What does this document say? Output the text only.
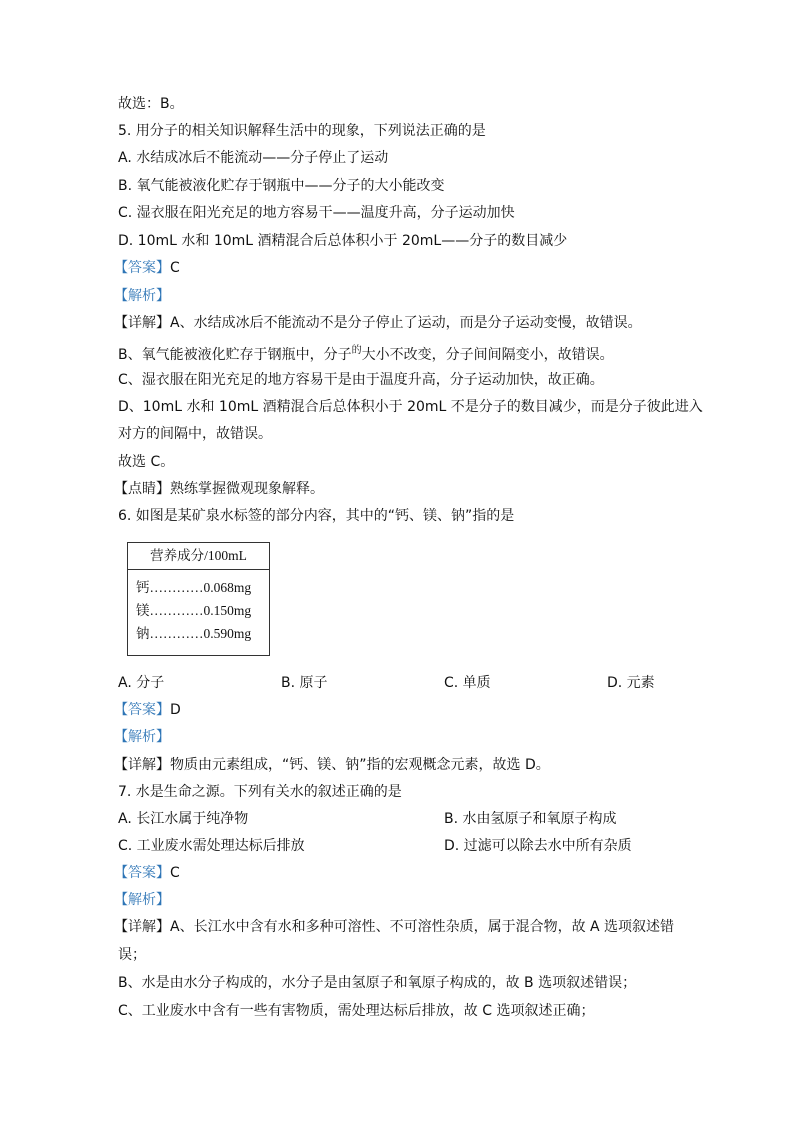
故选：B。
5. 用分子的相关知识解释生活中的现象，下列说法正确的是
A. 水结成冰后不能流动——分子停止了运动
B. 氧气能被液化贮存于钢瓶中——分子的大小能改变
C. 湿衣服在阳光充足的地方容易干——温度升高，分子运动加快
D. 10mL 水和 10mL 酒精混合后总体积小于 20mL——分子的数目减少
【答案】C
【解析】
【详解】A、水结成冰后不能流动不是分子停止了运动，而是分子运动变慢，故错误。
B、氧气能被液化贮存于钢瓶中，分子$^的$大小不改变，分子间间隔变小，故错误。
C、湿衣服在阳光充足的地方容易干是由于温度升高，分子运动加快，故正确。
D、10mL 水和 10mL 酒精混合后总体积小于 20mL 不是分子的数目减少，而是分子彼此进入
对方的间隔中，故错误。
故选 C。
【点睛】熟练掌握微观现象解释。
6. 如图是某矿泉水标签的部分内容，其中的“钙、镁、钠”指的是
营养成分/100mL
钙…………0.068mg
镁…………0.150mg
钠…………0.590mg
A. 分子	B. 原子	C. 单质	D. 元素
【答案】D
【解析】
【详解】物质由元素组成，“钙、镁、钠”指的宏观概念元素，故选 D。
7. 水是生命之源。下列有关水的叙述正确的是
A. 长江水属于纯净物	B. 水由氢原子和氧原子构成
C. 工业废水需处理达标后排放	D. 过滤可以除去水中所有杂质
【答案】C
【解析】
【详解】A、长江水中含有水和多种可溶性、不可溶性杂质，属于混合物，故 A 选项叙述错
误；
B、水是由水分子构成的，水分子是由氢原子和氧原子构成的，故 B 选项叙述错误；
C、工业废水中含有一些有害物质，需处理达标后排放，故 C 选项叙述正确；
